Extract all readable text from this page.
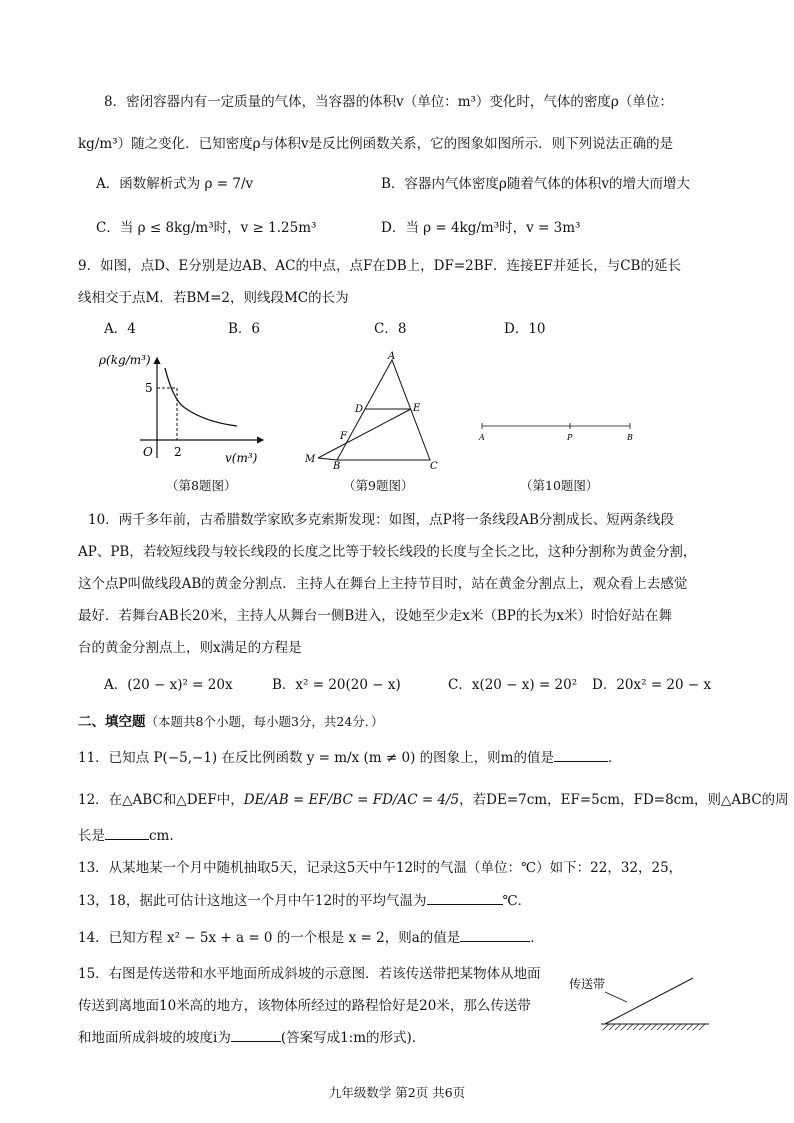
8．密闭容器内有一定质量的气体，当容器的体积v（单位：m³）变化时，气体的密度ρ（单位：
kg/m³）随之变化．已知密度ρ与体积v是反比例函数关系，它的图象如图所示．则下列说法正确的是
A．函数解析式为 ρ = 7/v	B．容器内气体密度ρ随着气体的体积v的增大而增大
C．当 ρ ≤ 8kg/m³时，v ≥ 1.25m³	D．当 ρ = 4kg/m³时，v = 3m³
9．如图，点D、E分别是边AB、AC的中点，点F在DB上，DF=2BF．连接EF并延长，与CB的延长
线相交于点M．若BM=2，则线段MC的长为
A．4	B．6	C．8	D．10
ρ(kg/m³)
5
O 2	v(m³)
（第8题图）
A
D	E
F
M
B	C
（第9题图）
A	P	B
（第10题图）
10．两千多年前，古希腊数学家欧多克索斯发现：如图，点P将一条线段AB分割成长、短两条线段
AP、PB，若较短线段与较长线段的长度之比等于较长线段的长度与全长之比，这种分割称为黄金分割，
这个点P叫做线段AB的黄金分割点．主持人在舞台上主持节目时，站在黄金分割点上，观众看上去感觉
最好．若舞台AB长20米，主持人从舞台一侧B进入，设她至少走x米（BP的长为x米）时恰好站在舞
台的黄金分割点上，则x满足的方程是
A．(20 − x)² = 20x	B．x² = 20(20 − x)	C．x(20 − x) = 20² D．20x² = 20 − x
二、填空题（本题共8个小题，每小题3分，共24分．）
11．已知点 P(−5,−1) 在反比例函数 y = m/x (m ≠ 0) 的图象上，则m的值是	．
12．在△ABC和△DEF中，DE/AB = EF/BC = FD/AC = 4/5，若DE=7cm，EF=5cm，FD=8cm，则△ABC的周
长是	cm.
13．从某地某一个月中随机抽取5天，记录这5天中午12时的气温（单位：℃）如下：22，32，25，
13，18，据此可估计这地这一个月中午12时的平均气温为	℃．
14．已知方程 x² − 5x + a = 0 的一个根是 x = 2，则a的值是	．
15．右图是传送带和水平地面所成斜坡的示意图．若该传送带把某物体从地面
传送到离地面10米高的地方，该物体所经过的路程恰好是20米，那么传送带
和地面所成斜坡的坡度i为	(答案写成1:m的形式)．
传送带
九年级数学 第2页 共6页
